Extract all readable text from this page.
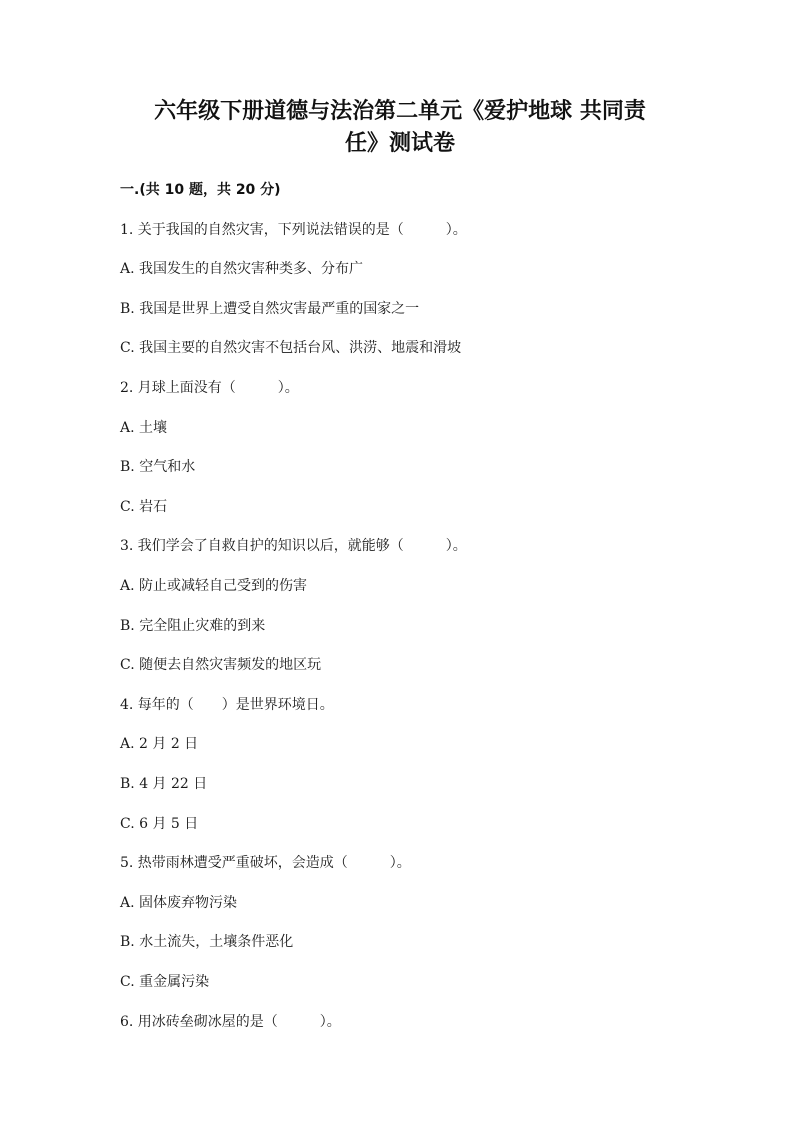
六年级下册道德与法治第二单元《爱护地球 共同责
任》测试卷

一.(共 10 题，共 20 分)

1. 关于我国的自然灾害，下列说法错误的是（　　　）。

A. 我国发生的自然灾害种类多、分布广

B. 我国是世界上遭受自然灾害最严重的国家之一

C. 我国主要的自然灾害不包括台风、洪涝、地震和滑坡

2. 月球上面没有（　　　）。

A. 土壤

B. 空气和水

C. 岩石

3. 我们学会了自救自护的知识以后，就能够（　　　）。

A. 防止或减轻自己受到的伤害

B. 完全阻止灾难的到来

C. 随便去自然灾害频发的地区玩

4. 每年的（　　）是世界环境日。

A. 2 月 2 日

B. 4 月 22 日

C. 6 月 5 日

5. 热带雨林遭受严重破坏，会造成（　　　）。

A. 固体废弃物污染

B. 水土流失，土壤条件恶化

C. 重金属污染

6. 用冰砖垒砌冰屋的是（　　　）。
